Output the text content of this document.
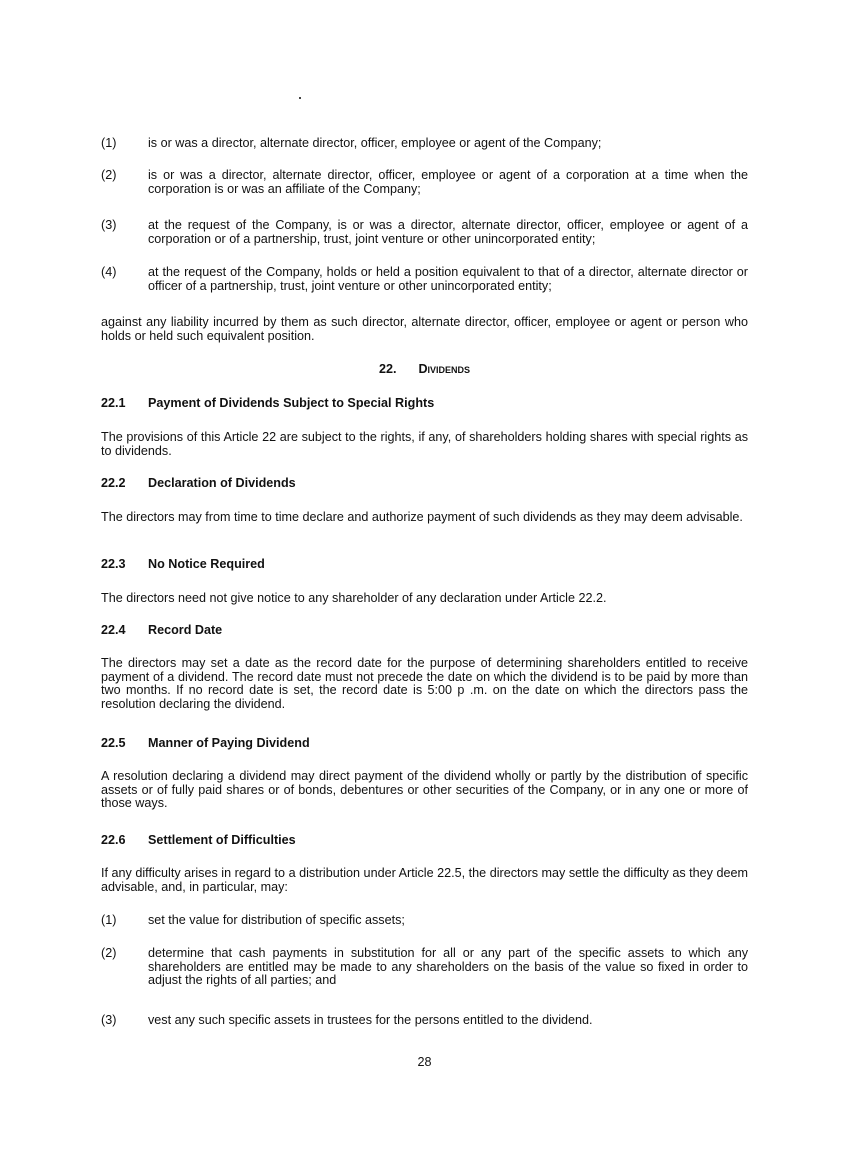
(1)	is or was a director, alternate director, officer, employee or agent of the Company;
(2)	is or was a director, alternate director, officer, employee or agent of a corporation at a time when the corporation is or was an affiliate of the Company;
(3)	at the request of the Company, is or was a director, alternate director, officer, employee or agent of a corporation or of a partnership, trust, joint venture or other unincorporated entity;
(4)	at the request of the Company, holds or held a position equivalent to that of a director, alternate director or officer of a partnership, trust, joint venture or other unincorporated entity;
against any liability incurred by them as such director, alternate director, officer, employee or agent or person who holds or held such equivalent position.
22. Dividends
22.1 Payment of Dividends Subject to Special Rights
The provisions of this Article 22 are subject to the rights, if any, of shareholders holding shares with special rights as to dividends.
22.2 Declaration of Dividends
The directors may from time to time declare and authorize payment of such dividends as they may deem advisable.
22.3 No Notice Required
The directors need not give notice to any shareholder of any declaration under Article 22.2.
22.4 Record Date
The directors may set a date as the record date for the purpose of determining shareholders entitled to receive payment of a dividend. The record date must not precede the date on which the dividend is to be paid by more than two months. If no record date is set, the record date is 5:00 p .m. on the date on which the directors pass the resolution declaring the dividend.
22.5 Manner of Paying Dividend
A resolution declaring a dividend may direct payment of the dividend wholly or partly by the distribution of specific assets or of fully paid shares or of bonds, debentures or other securities of the Company, or in any one or more of those ways.
22.6 Settlement of Difficulties
If any difficulty arises in regard to a distribution under Article 22.5, the directors may settle the difficulty as they deem advisable, and, in particular, may:
(1)	set the value for distribution of specific assets;
(2)	determine that cash payments in substitution for all or any part of the specific assets to which any shareholders are entitled may be made to any shareholders on the basis of the value so fixed in order to adjust the rights of all parties; and
(3)	vest any such specific assets in trustees for the persons entitled to the dividend.
28
